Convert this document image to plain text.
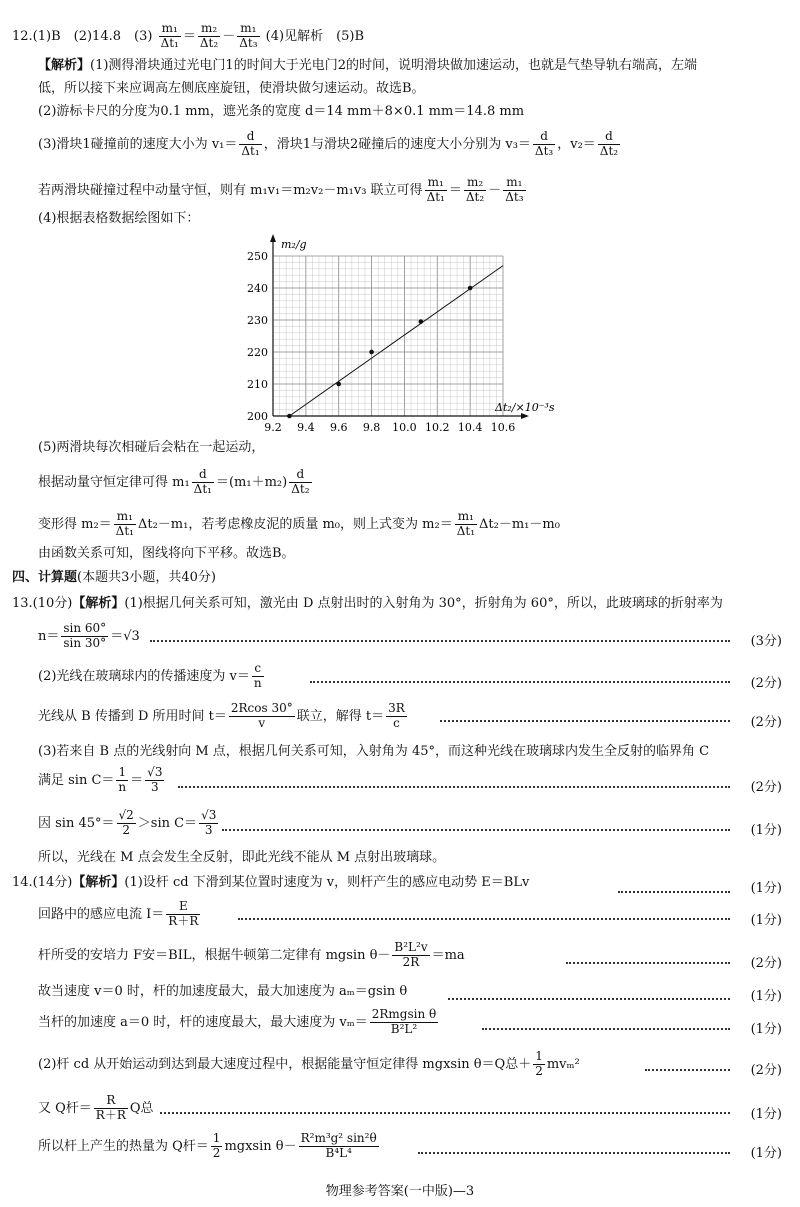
12.(1)B　(2)14.8　$(3) \frac{\text{m₁}}{\text{Δt₁}} = \frac{\text{m₂}}{\text{Δt₂}} - \frac{\text{m₁}}{\text{Δt₃}} (4)$见解析　(5)B
【解析】(1)测得滑块通过光电门1的时间大于光电门2的时间，说明滑块做加速运动，也就是气垫导轨右端高，左端
低，所以接下来应调高左侧底座旋钮，使滑块做匀速运动。故选B。
(2)游标卡尺的分度为0.1 mm，遮光条的宽度 d＝14 mm＋8×0.1 mm＝14.8 mm
(3)滑块1碰撞前的速度大小为 $v_1= \frac{d}{\text{Δt₁}}$ ，滑块1与滑块2碰撞后的速度大小分别为 $v_3= \frac{d}{\text{Δt₃}}$ ，$v_2= \frac{d}{\text{Δt₂}}$
若两滑块碰撞过程中动量守恒，则有 m₁v₁＝m₂v₂－m₁v₃ 联立可得 $\frac{\text{m₁}}{\text{Δt₁}} = \frac{\text{m₂}}{\text{Δt₂}} - \frac{\text{m₁}}{\text{Δt₃}}$
(4)根据表格数据绘图如下：
9.2 9.4 9.6 9.8 10.0 10.2 10.4 10.6
200
210
220
230
240
250
m₂/g
Δt₂/×10⁻³s
(5)两滑块每次相碰后会粘在一起运动，
根据动量守恒定律可得 $m_1 \frac{d}{\text{Δt₁}} =(m_1+m_2) \frac{d}{\text{Δt₂}}$
变形得 $m_2= \frac{\text{m₁}}{\text{Δt₁}} \Delta t_2-m_1$，若考虑橡皮泥的质量 m₀，则上式变为 $m_2= \frac{\text{m₁}}{\text{Δt₁}} \Delta t_2-m_1-m_0$
由函数关系可知，图线将向下平移。故选B。
四、计算题(本题共3小题，共40分)
13.(10分)【解析】(1)根据几何关系可知，激光由 D 点射出时的入射角为 30°，折射角为 60°，所以，此玻璃球的折射率为
$n= \frac{\sin 60^\circ}{\sin 30^\circ} =√3$	(3分)
(2)光线在玻璃球内的传播速度为 $v= \frac{c}{n}$	(2分)
光线从 B 传播到 D 所用时间 $t= \frac{2Rcos 30^\circ}{v}$ 联立，解得 $t= \frac{3R}{c}$	(2分)
(3)若来自 B 点的光线射向 M 点，根据几何关系可知，入射角为 45°，而这种光线在玻璃球内发生全反射的临界角 C
满足 $\sin C= \frac{1}{n} = \frac{√3}{3}$	(2分)
因 $\sin 45^\circ= \frac{√2}{2} >\sin$ $C= \frac{√3}{3}$	(1分)
所以，光线在 M 点会发生全反射，即此光线不能从 M 点射出玻璃球。
14.(14分)【解析】(1)设杆 cd 下滑到某位置时速度为 v，则杆产生的感应电动势 E＝BLv	(1分)
回路中的感应电流 $I= \frac{E}{R+R}$	(1分)
杆所受的安培力 F安＝BIL，根据牛顿第二定律有 mgsin $\theta- \frac{\text{B²L²v}}{2R} =ma$
(2分)
故当速度 v＝0 时，杆的加速度最大，最大加速度为 aₘ＝gsin θ	(1分)
当杆的加速度 a＝0 时，杆的速度最大，最大速度为 $v_m= \frac{\text{2Rmgsin θ}}{\text{B²L²}}$	(1分)
(2)杆 cd 从开始运动到达到最大速度过程中，根据能量守恒定律得 mgxsin θ＝Q总＋ $\frac{1}{2} mv_m^2$	(2分)
又 Q杆＝ $\frac{R}{R+R}$ Q总	(1分)
所以杆上产生的热量为 Q杆＝ $\frac{1}{2}$ mgxsin $\theta- \frac{\text{R²m³g² sin²θ}}{\text{B⁴L⁴}}$	(1分)
物理参考答案(一中版)—3
